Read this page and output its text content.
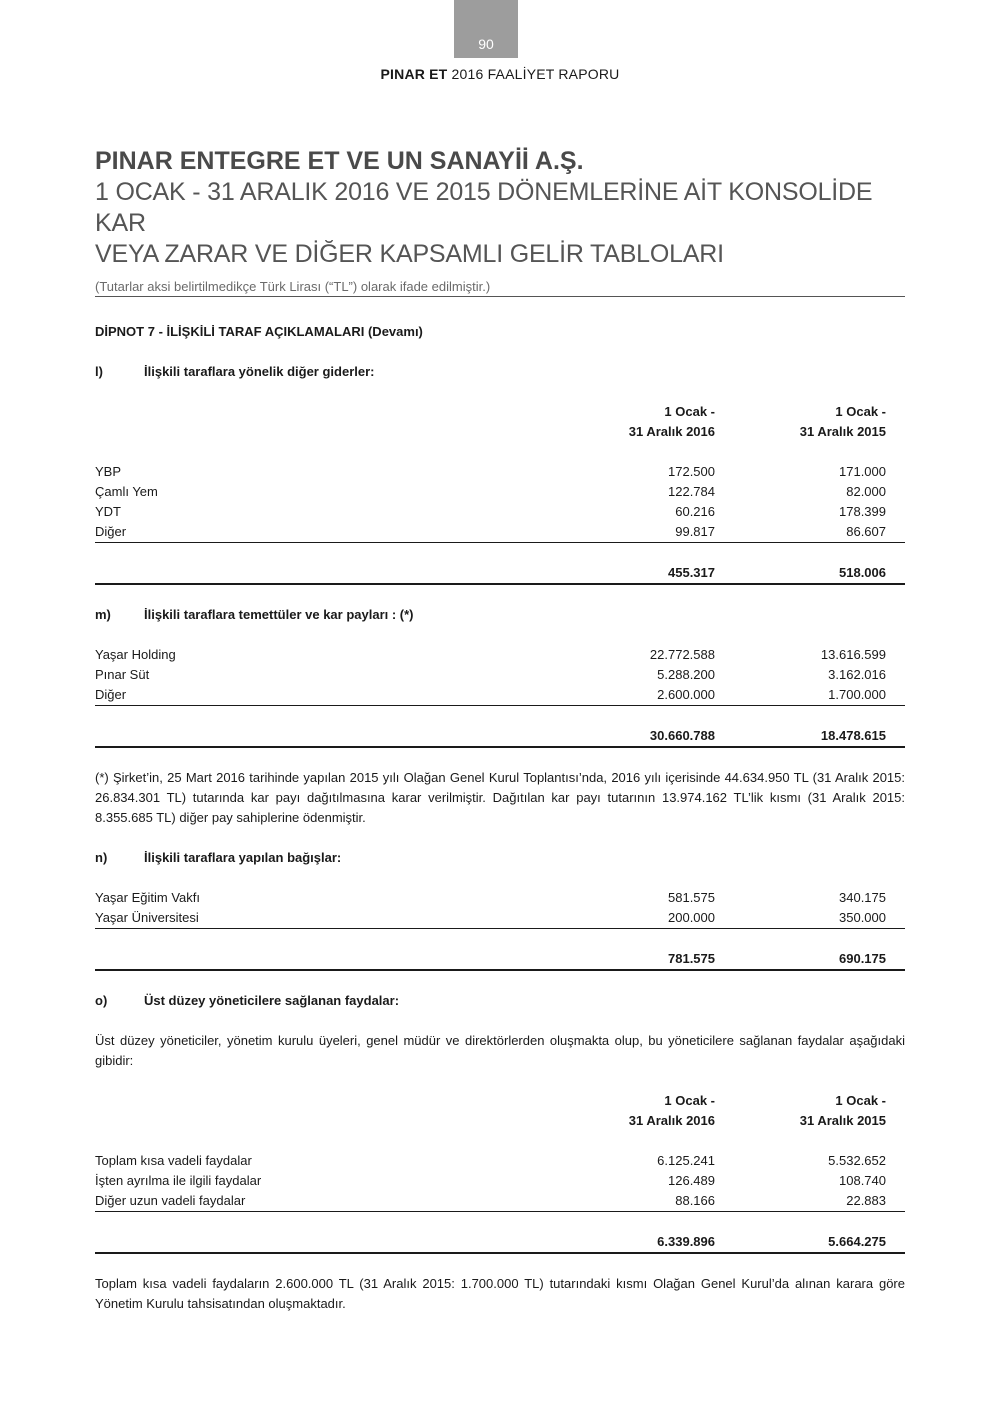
90
PINAR ET 2016 FAALİYET RAPORU
PINAR ENTEGRE ET VE UN SANAYİİ A.Ş.
1 OCAK - 31 ARALIK 2016 VE 2015 DÖNEMLERİNE AİT KONSOLİDE KAR
VEYA ZARAR VE DİĞER KAPSAMLI GELİR TABLOLARI
(Tutarlar aksi belirtilmedikçe Türk Lirası (“TL”) olarak ifade edilmiştir.)
DİPNOT 7 - İLİŞKİLİ TARAF AÇIKLAMALARI (Devamı)
l)	İlişkili taraflara yönelik diğer giderler:
1 Ocak -	1 Ocak -
31 Aralık 2016	31 Aralık 2015
YBP	172.500	171.000
Çamlı Yem	122.784	82.000
YDT	60.216	178.399
Diğer	99.817	86.607
455.317	518.006
m)	İlişkili taraflara temettüler ve kar payları : (*)
Yaşar Holding	22.772.588	13.616.599
Pınar Süt	5.288.200	3.162.016
Diğer	2.600.000	1.700.000
30.660.788	18.478.615
(*) Şirket’in, 25 Mart 2016 tarihinde yapılan 2015 yılı Olağan Genel Kurul Toplantısı’nda, 2016 yılı içerisinde 44.634.950 TL (31 Aralık 2015: 26.834.301 TL) tutarında kar payı dağıtılmasına karar verilmiştir. Dağıtılan kar payı tutarının 13.974.162 TL’lik kısmı (31 Aralık 2015: 8.355.685 TL) diğer pay sahiplerine ödenmiştir.
n)	İlişkili taraflara yapılan bağışlar:
Yaşar Eğitim Vakfı	581.575	340.175
Yaşar Üniversitesi	200.000	350.000
781.575	690.175
o)	Üst düzey yöneticilere sağlanan faydalar:
Üst düzey yöneticiler, yönetim kurulu üyeleri, genel müdür ve direktörlerden oluşmakta olup, bu yöneticilere sağlanan faydalar aşağıdaki gibidir:
1 Ocak -	1 Ocak -
31 Aralık 2016	31 Aralık 2015
Toplam kısa vadeli faydalar	6.125.241	5.532.652
İşten ayrılma ile ilgili faydalar	126.489	108.740
Diğer uzun vadeli faydalar	88.166	22.883
6.339.896	5.664.275
Toplam kısa vadeli faydaların 2.600.000 TL (31 Aralık 2015: 1.700.000 TL) tutarındaki kısmı Olağan Genel Kurul’da alınan karara göre Yönetim Kurulu tahsisatından oluşmaktadır.
